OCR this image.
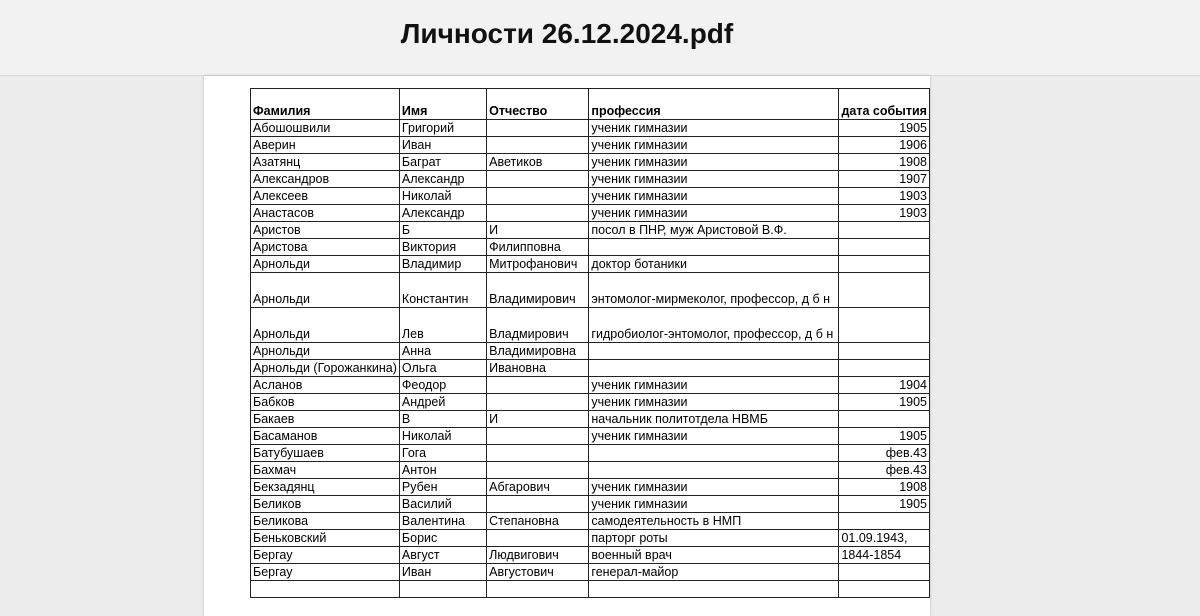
Личности 26.12.2024.pdf
Фамилия	Имя	Отчество	профессия	дата события
Абошошвили	Григорий		ученик гимназии	1905
Аверин	Иван		ученик гимназии	1906
Азатянц	Баграт	Аветиков	ученик гимназии	1908
Александров	Александр		ученик гимназии	1907
Алексеев	Николай		ученик гимназии	1903
Анастасов	Александр		ученик гимназии	1903
Аристов	Б	И	посол в ПНР, муж Аристовой В.Ф.	
Аристова	Виктория	Филипповна		
Арнольди	Владимир	Митрофанович	доктор ботаники	
Арнольди	Константин	Владимирович	энтомолог-мирмеколог, профессор, д б н	
Арнольди	Лев	Владмирович	гидробиолог-энтомолог, профессор, д б н	
Арнольди	Анна	Владимировна		
Арнольди (Горожанкина)	Ольга	Ивановна		
Асланов	Феодор		ученик гимназии	1904
Бабков	Андрей		ученик гимназии	1905
Бакаев	В	И	начальник политотдела НВМБ	
Басаманов	Николай		ученик гимназии	1905
Батубушаев	Гога			фев.43
Бахмач	Антон			фев.43
Бекзадянц	Рубен	Абгарович	ученик гимназии	1908
Беликов	Василий		ученик гимназии	1905
Беликова	Валентина	Степановна	самодеятельность в НМП	
Беньковский	Борис		парторг роты	01.09.1943,
Бергау	Август	Людвигович	военный врач	1844-1854
Бергау	Иван	Августович	генерал-майор	
